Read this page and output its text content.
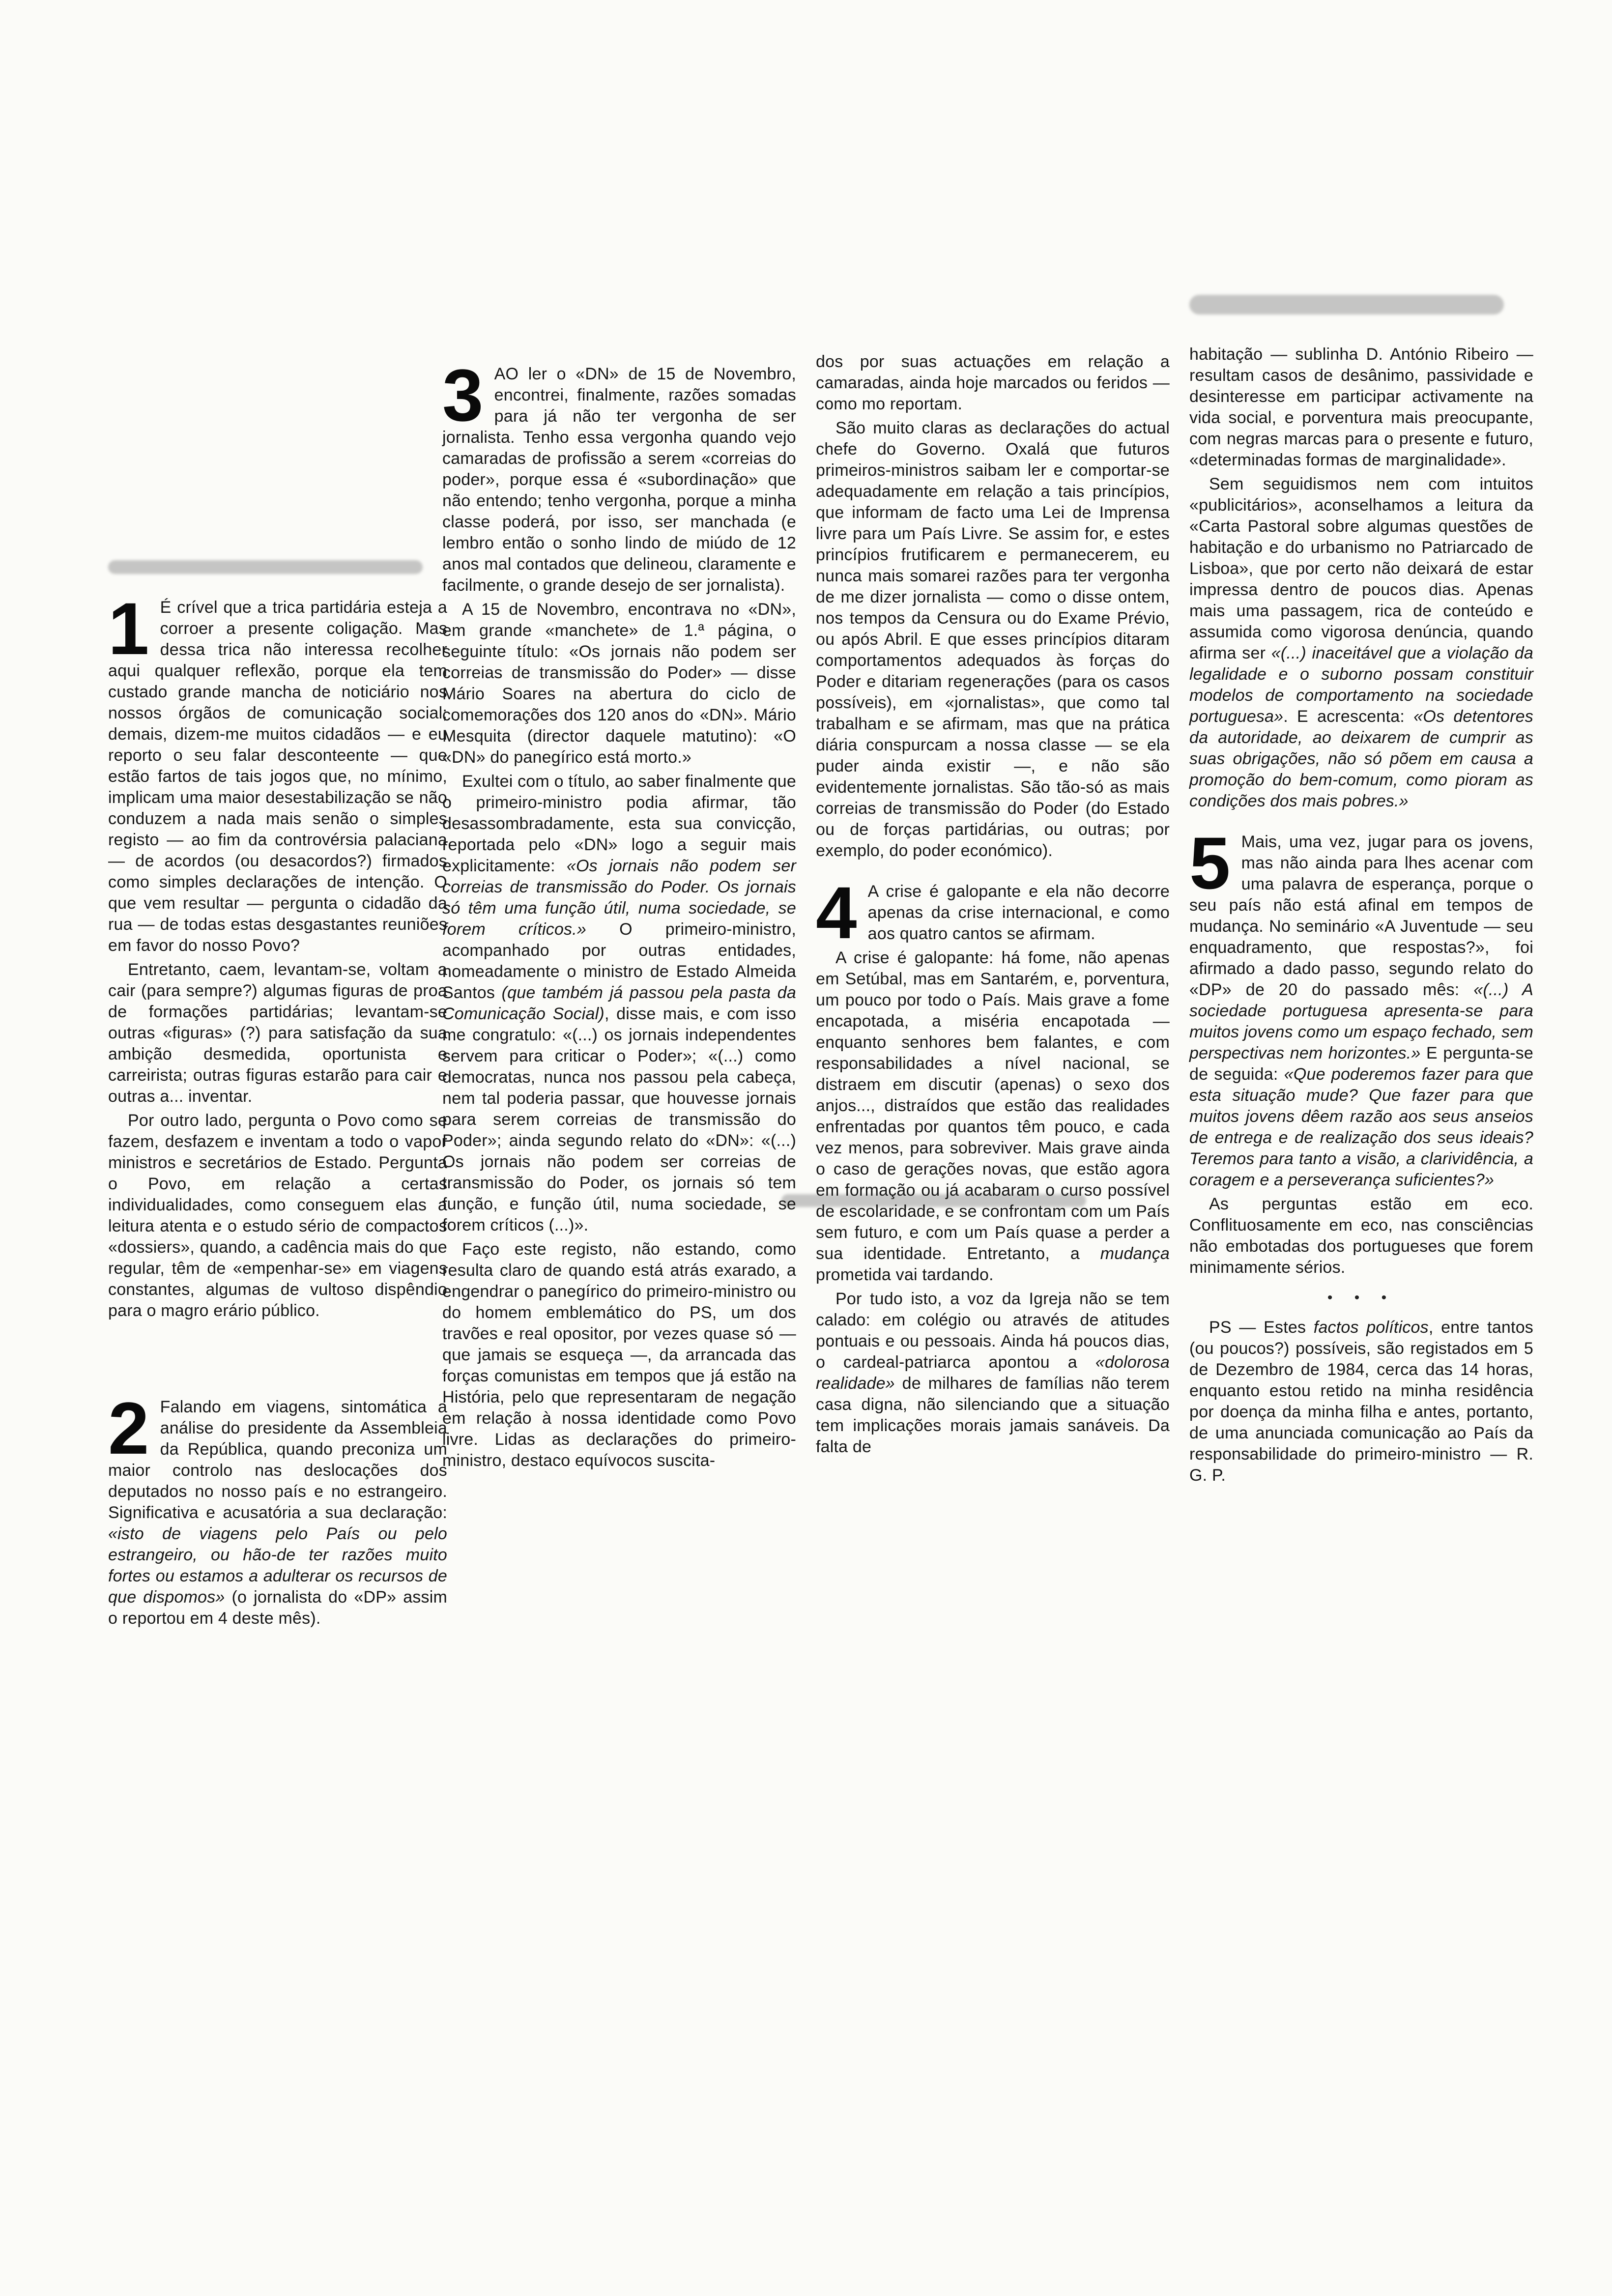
1 É crível que a trica partidária esteja a corroer a presente coligação. Mas dessa trica não interessa recolher aqui qualquer reflexão, porque ela tem custado grande mancha de noticiário nos nossos órgãos de comunicação social; demais, dizem-me muitos cidadãos — e eu reporto o seu falar desconteente — que estão fartos de tais jogos que, no mínimo, implicam uma maior desestabilização se não conduzem a nada mais senão o simples registo — ao fim da controvérsia palaciana — de acordos (ou desacordos?) firmados como simples declarações de intenção. O que vem resultar — pergunta o cidadão da rua — de todas estas desgastantes reuniões em favor do nosso Povo?

Entretanto, caem, levantam-se, voltam a cair (para sempre?) algumas figuras de proa de formações partidárias; levantam-se outras «figuras» (?) para satisfação da sua ambição desmedida, oportunista e carreirista; outras figuras estarão para cair e outras a... inventar.

Por outro lado, pergunta o Povo como se fazem, desfazem e inventam a todo o vapor ministros e secretários de Estado. Pergunta o Povo, em relação a certas individualidades, como conseguem elas a leitura atenta e o estudo sério de compactos «dossiers», quando, a cadência mais do que regular, têm de «empenhar-se» em viagens constantes, algumas de vultoso dispêndio para o magro erário público.

2 Falando em viagens, sintomática a análise do presidente da Assembleia da República, quando preconiza um maior controlo nas deslocações dos deputados no nosso país e no estrangeiro. Significativa e acusatória a sua declaração: «isto de viagens pelo País ou pelo estrangeiro, ou hão-de ter razões muito fortes ou estamos a adulterar os recursos de que dispomos» (o jornalista do «DP» assim o reportou em 4 deste mês).

3 AO ler o «DN» de 15 de Novembro, encontrei, finalmente, razões somadas para já não ter vergonha de ser jornalista. Tenho essa vergonha quando vejo camaradas de profissão a serem «correias do poder», porque essa é «subordinação» que não entendo; tenho vergonha, porque a minha classe poderá, por isso, ser manchada (e lembro então o sonho lindo de miúdo de 12 anos mal contados que delineou, claramente e facilmente, o grande desejo de ser jornalista).

A 15 de Novembro, encontrava no «DN», em grande «manchete» de 1.ª página, o seguinte título: «Os jornais não podem ser correias de transmissão do Poder» — disse Mário Soares na abertura do ciclo de comemorações dos 120 anos do «DN». Mário Mesquita (director daquele matutino): «O «DN» do panegírico está morto.»

Exultei com o título, ao saber finalmente que o primeiro-ministro podia afirmar, tão desassombradamente, esta sua convicção, reportada pelo «DN» logo a seguir mais explicitamente: «Os jornais não podem ser correias de transmissão do Poder. Os jornais só têm uma função útil, numa sociedade, se forem críticos.» O primeiro-ministro, acompanhado por outras entidades, nomeadamente o ministro de Estado Almeida Santos (que também já passou pela pasta da Comunicação Social), disse mais, e com isso me congratulo: «(...) os jornais independentes servem para criticar o Poder»; «(...) como democratas, nunca nos passou pela cabeça, nem tal poderia passar, que houvesse jornais para serem correias de transmissão do Poder»; ainda segundo relato do «DN»: «(...) Os jornais não podem ser correias de transmissão do Poder, os jornais só tem função, e função útil, numa sociedade, se forem críticos (...)».

Faço este registo, não estando, como resulta claro de quando está atrás exarado, a engendrar o panegírico do primeiro-ministro ou do homem emblemático do PS, um dos travões e real opositor, por vezes quase só — que jamais se esqueça —, da arrancada das forças comunistas em tempos que já estão na História, pelo que representaram de negação em relação à nossa identidade como Povo livre. Lidas as declarações do primeiro-ministro, destaco equívocos suscita-

dos por suas actuações em relação a camaradas, ainda hoje marcados ou feridos — como mo reportam.

São muito claras as declarações do actual chefe do Governo. Oxalá que futuros primeiros-ministros saibam ler e comportar-se adequadamente em relação a tais princípios, que informam de facto uma Lei de Imprensa livre para um País Livre. Se assim for, e estes princípios frutificarem e permanecerem, eu nunca mais somarei razões para ter vergonha de me dizer jornalista — como o disse ontem, nos tempos da Censura ou do Exame Prévio, ou após Abril. E que esses princípios ditaram comportamentos adequados às forças do Poder e ditariam regenerações (para os casos possíveis), em «jornalistas», que como tal trabalham e se afirmam, mas que na prática diária conspurcam a nossa classe — se ela puder ainda existir —, e não são evidentemente jornalistas. São tão-só as mais correias de transmissão do Poder (do Estado ou de forças partidárias, ou outras; por exemplo, do poder económico).

4 A crise é galopante e ela não decorre apenas da crise internacional, e como aos quatro cantos se afirmam.

A crise é galopante: há fome, não apenas em Setúbal, mas em Santarém, e, porventura, um pouco por todo o País. Mais grave a fome encapotada, a miséria encapotada — enquanto senhores bem falantes, e com responsabilidades a nível nacional, se distraem em discutir (apenas) o sexo dos anjos..., distraídos que estão das realidades enfrentadas por quantos têm pouco, e cada vez menos, para sobreviver. Mais grave ainda o caso de gerações novas, que estão agora em formação ou já acabaram o curso possível de escolaridade, e se confrontam com um País sem futuro, e com um País quase a perder a sua identidade. Entretanto, a mudança prometida vai tardando.

Por tudo isto, a voz da Igreja não se tem calado: em colégio ou através de atitudes pontuais e ou pessoais. Ainda há poucos dias, o cardeal-patriarca apontou a «dolorosa realidade» de milhares de famílias não terem casa digna, não silenciando que a situação tem implicações morais jamais sanáveis. Da falta de

habitação — sublinha D. António Ribeiro — resultam casos de desânimo, passividade e desinteresse em participar activamente na vida social, e porventura mais preocupante, com negras marcas para o presente e futuro, «determinadas formas de marginalidade».

Sem seguidismos nem com intuitos «publicitários», aconselhamos a leitura da «Carta Pastoral sobre algumas questões de habitação e do urbanismo no Patriarcado de Lisboa», que por certo não deixará de estar impressa dentro de poucos dias. Apenas mais uma passagem, rica de conteúdo e assumida como vigorosa denúncia, quando afirma ser «(...) inaceitável que a violação da legalidade e o suborno possam constituir modelos de comportamento na sociedade portuguesa». E acrescenta: «Os detentores da autoridade, ao deixarem de cumprir as suas obrigações, não só põem em causa a promoção do bem-comum, como pioram as condições dos mais pobres.»

5 Mais, uma vez, jugar para os jovens, mas não ainda para lhes acenar com uma palavra de esperança, porque o seu país não está afinal em tempos de mudança. No seminário «A Juventude — seu enquadramento, que respostas?», foi afirmado a dado passo, segundo relato do «DP» de 20 do passado mês: «(...) A sociedade portuguesa apresenta-se para muitos jovens como um espaço fechado, sem perspectivas nem horizontes.» E pergunta-se de seguida: «Que poderemos fazer para que esta situação mude? Que fazer para que muitos jovens dêem razão aos seus anseios de entrega e de realização dos seus ideais? Teremos para tanto a visão, a clarividência, a coragem e a perseverança suficientes?»

As perguntas estão em eco. Conflituosamente em eco, nas consciências não embotadas dos portugueses que forem minimamente sérios.

• • •

PS — Estes factos políticos, entre tantos (ou poucos?) possíveis, são registados em 5 de Dezembro de 1984, cerca das 14 horas, enquanto estou retido na minha residência por doença da minha filha e antes, portanto, de uma anunciada comunicação ao País da responsabilidade do primeiro-ministro — R. G. P.
